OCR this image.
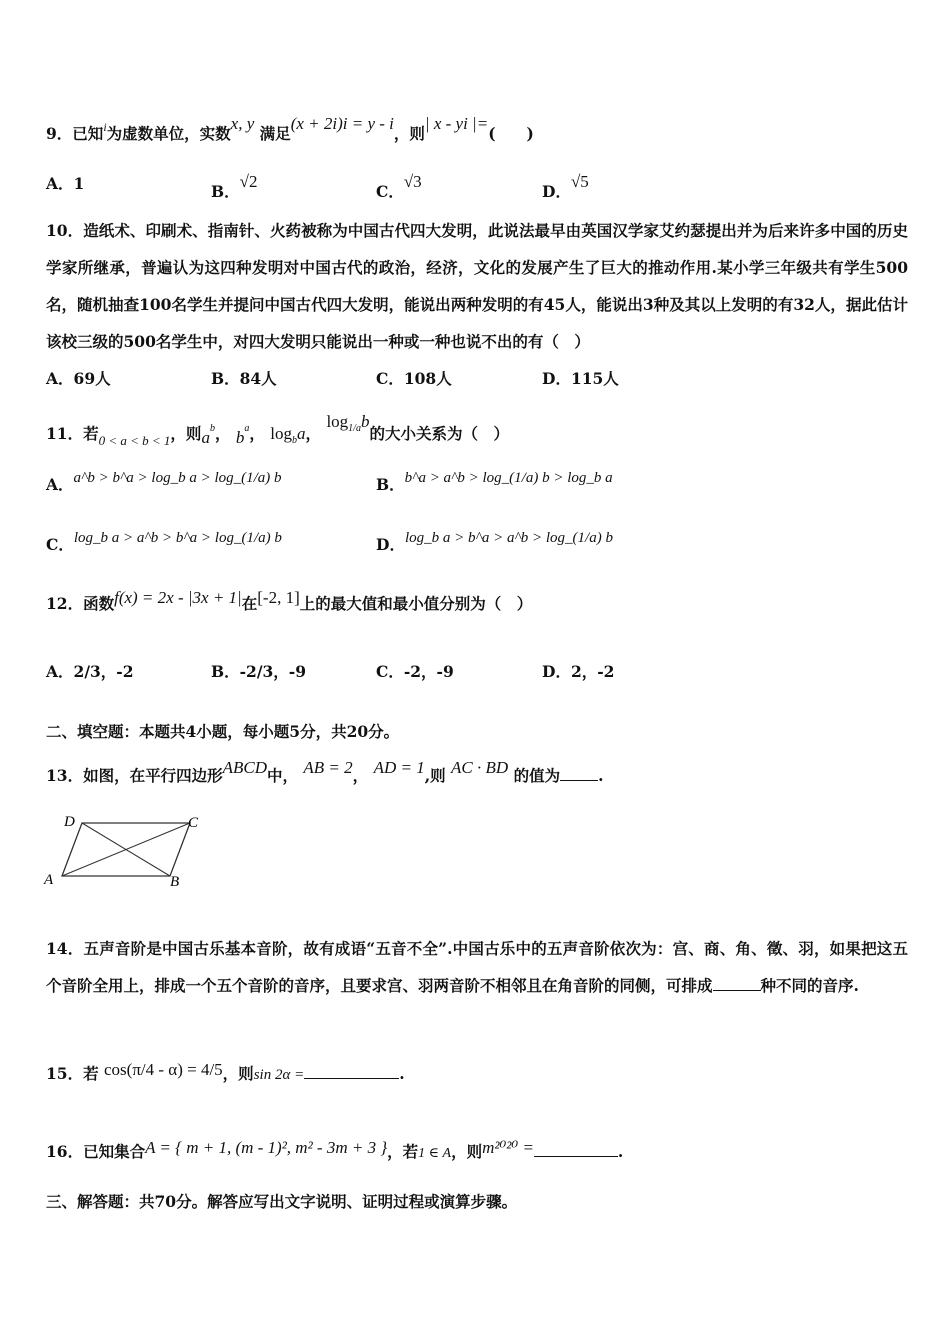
9．已知$^i$为虚数单位，实数x, y 满足(x + 2i)i = y - i，则| x - yi |=(　　)
A．1	B．√2
C．√3
D．√5
10．造纸术、印刷术、指南针、火药被称为中国古代四大发明，此说法最早由英国汉学家艾约瑟提出并为后来许多中国的历史学家所继承，普遍认为这四种发明对中国古代的政治，经济，文化的发展产生了巨大的推动作用.某小学三年级共有学生500名，随机抽查100名学生并提问中国古代四大发明，能说出两种发明的有45人，能说出3种及其以上发明的有32人，据此估计该校三级的500名学生中，对四大发明只能说出一种或一种也说不出的有（　）
A．69人	B．84人	C．108人	D．115人
11．若$_{0 < a < b < 1}$，则$a^b$， $b^a$， $\log_ba$， $\log_{1/a}b$的大小关系为（　）
A．a^b > b^a > log_b a > log_(1/a) b	B．b^a > a^b > log_(1/a) b > log_b a
C．log_b a > a^b > b^a > log_(1/a) b	D．log_b a > b^a > a^b > log_(1/a) b
12．函数f(x) = 2x - |3x + 1|在[-2, 1]上的最大值和最小值分别为（　）
A．2/3，-2	B．-2/3，-9	C．-2，-9	D．2，-2
二、填空题：本题共4小题，每小题5分，共20分。
13．如图，在平行四边形ABCD中， AB = 2， AD = 1,则 AC · BD 的值为 .
A	B
C
D
14．五声音阶是中国古乐基本音阶，故有成语“五音不全”.中国古乐中的五声音阶依次为：宫、商、角、徵、羽，如果把这五个音阶全用上，排成一个五个音阶的音序，且要求宫、羽两音阶不相邻且在角音阶的同侧，可排成	种不同的音序.
15．若 cos(π/4 - α) = 4/5，则sin 2α =	.
16．已知集合A = { m + 1, (m - 1)², m² - 3m + 3 }，若1 ∈ A，则m²⁰²⁰ =	.
三、解答题：共70分。解答应写出文字说明、证明过程或演算步骤。
